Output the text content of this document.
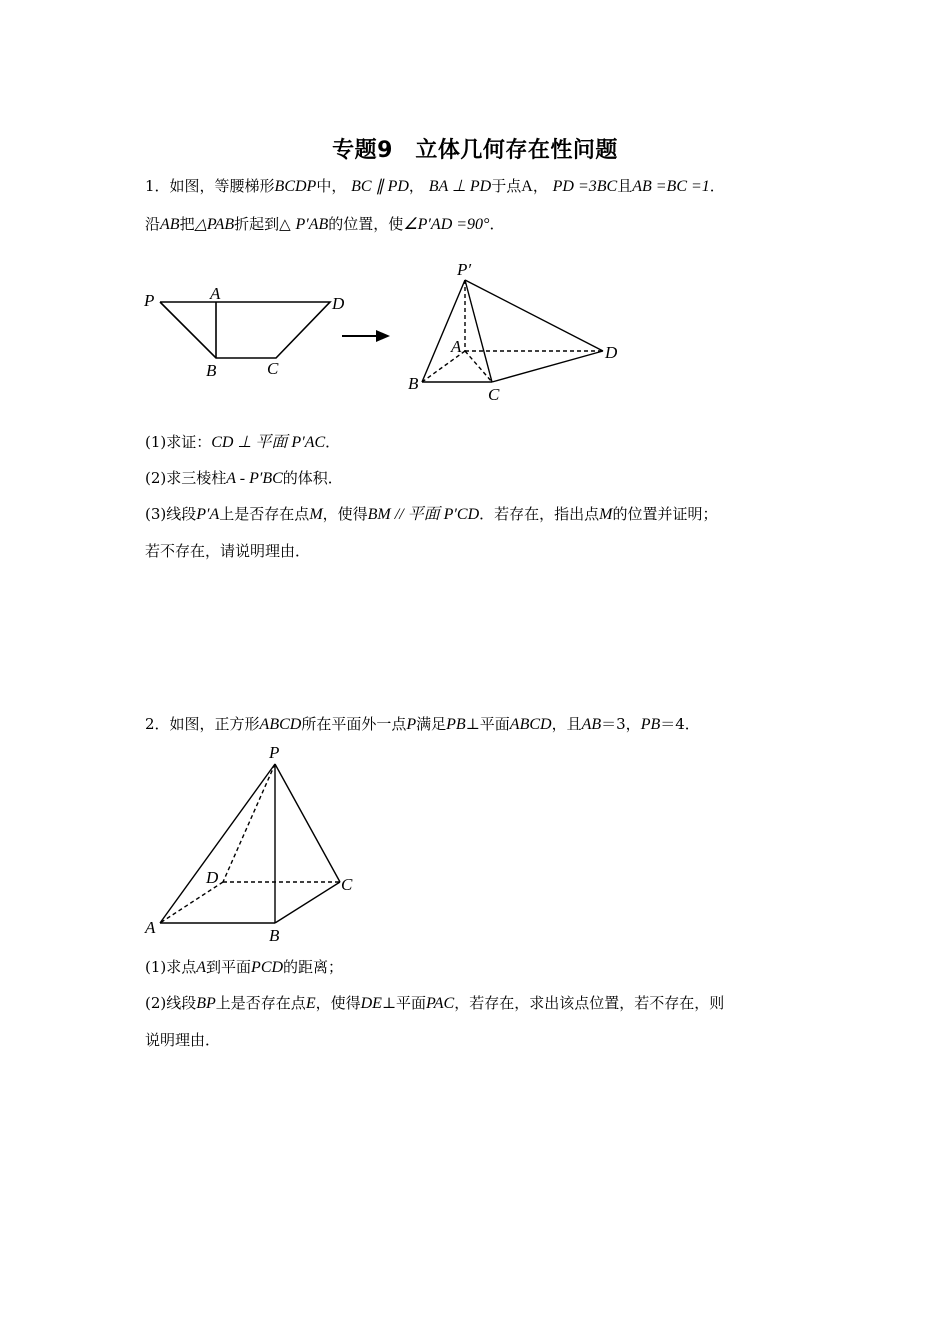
专题9　立体几何存在性问题
1．如图，等腰梯形BCDP中， BC ∥ PD， BA ⊥ PD于点A， PD =3BC且AB =BC =1．
沿AB把△PAB折起到△ P′AB的位置，使∠P′AD =90°．
P	A
D
B	C
P′
A	D
B
C
(1)求证：CD ⊥ 平面 P′AC．
(2)求三棱柱A - P′BC的体积．
(3)线段P′A上是否存在点M，使得BM // 平面 P′CD．若存在，指出点M的位置并证明；
若不存在，请说明理由．
2．如图，正方形ABCD所在平面外一点P满足PB⊥平面ABCD，且AB＝3，PB＝4．
P
D	C
A	B
(1)求点A到平面PCD的距离；
(2)线段BP上是否存在点E，使得DE⊥平面PAC，若存在，求出该点位置，若不存在，则
说明理由．
